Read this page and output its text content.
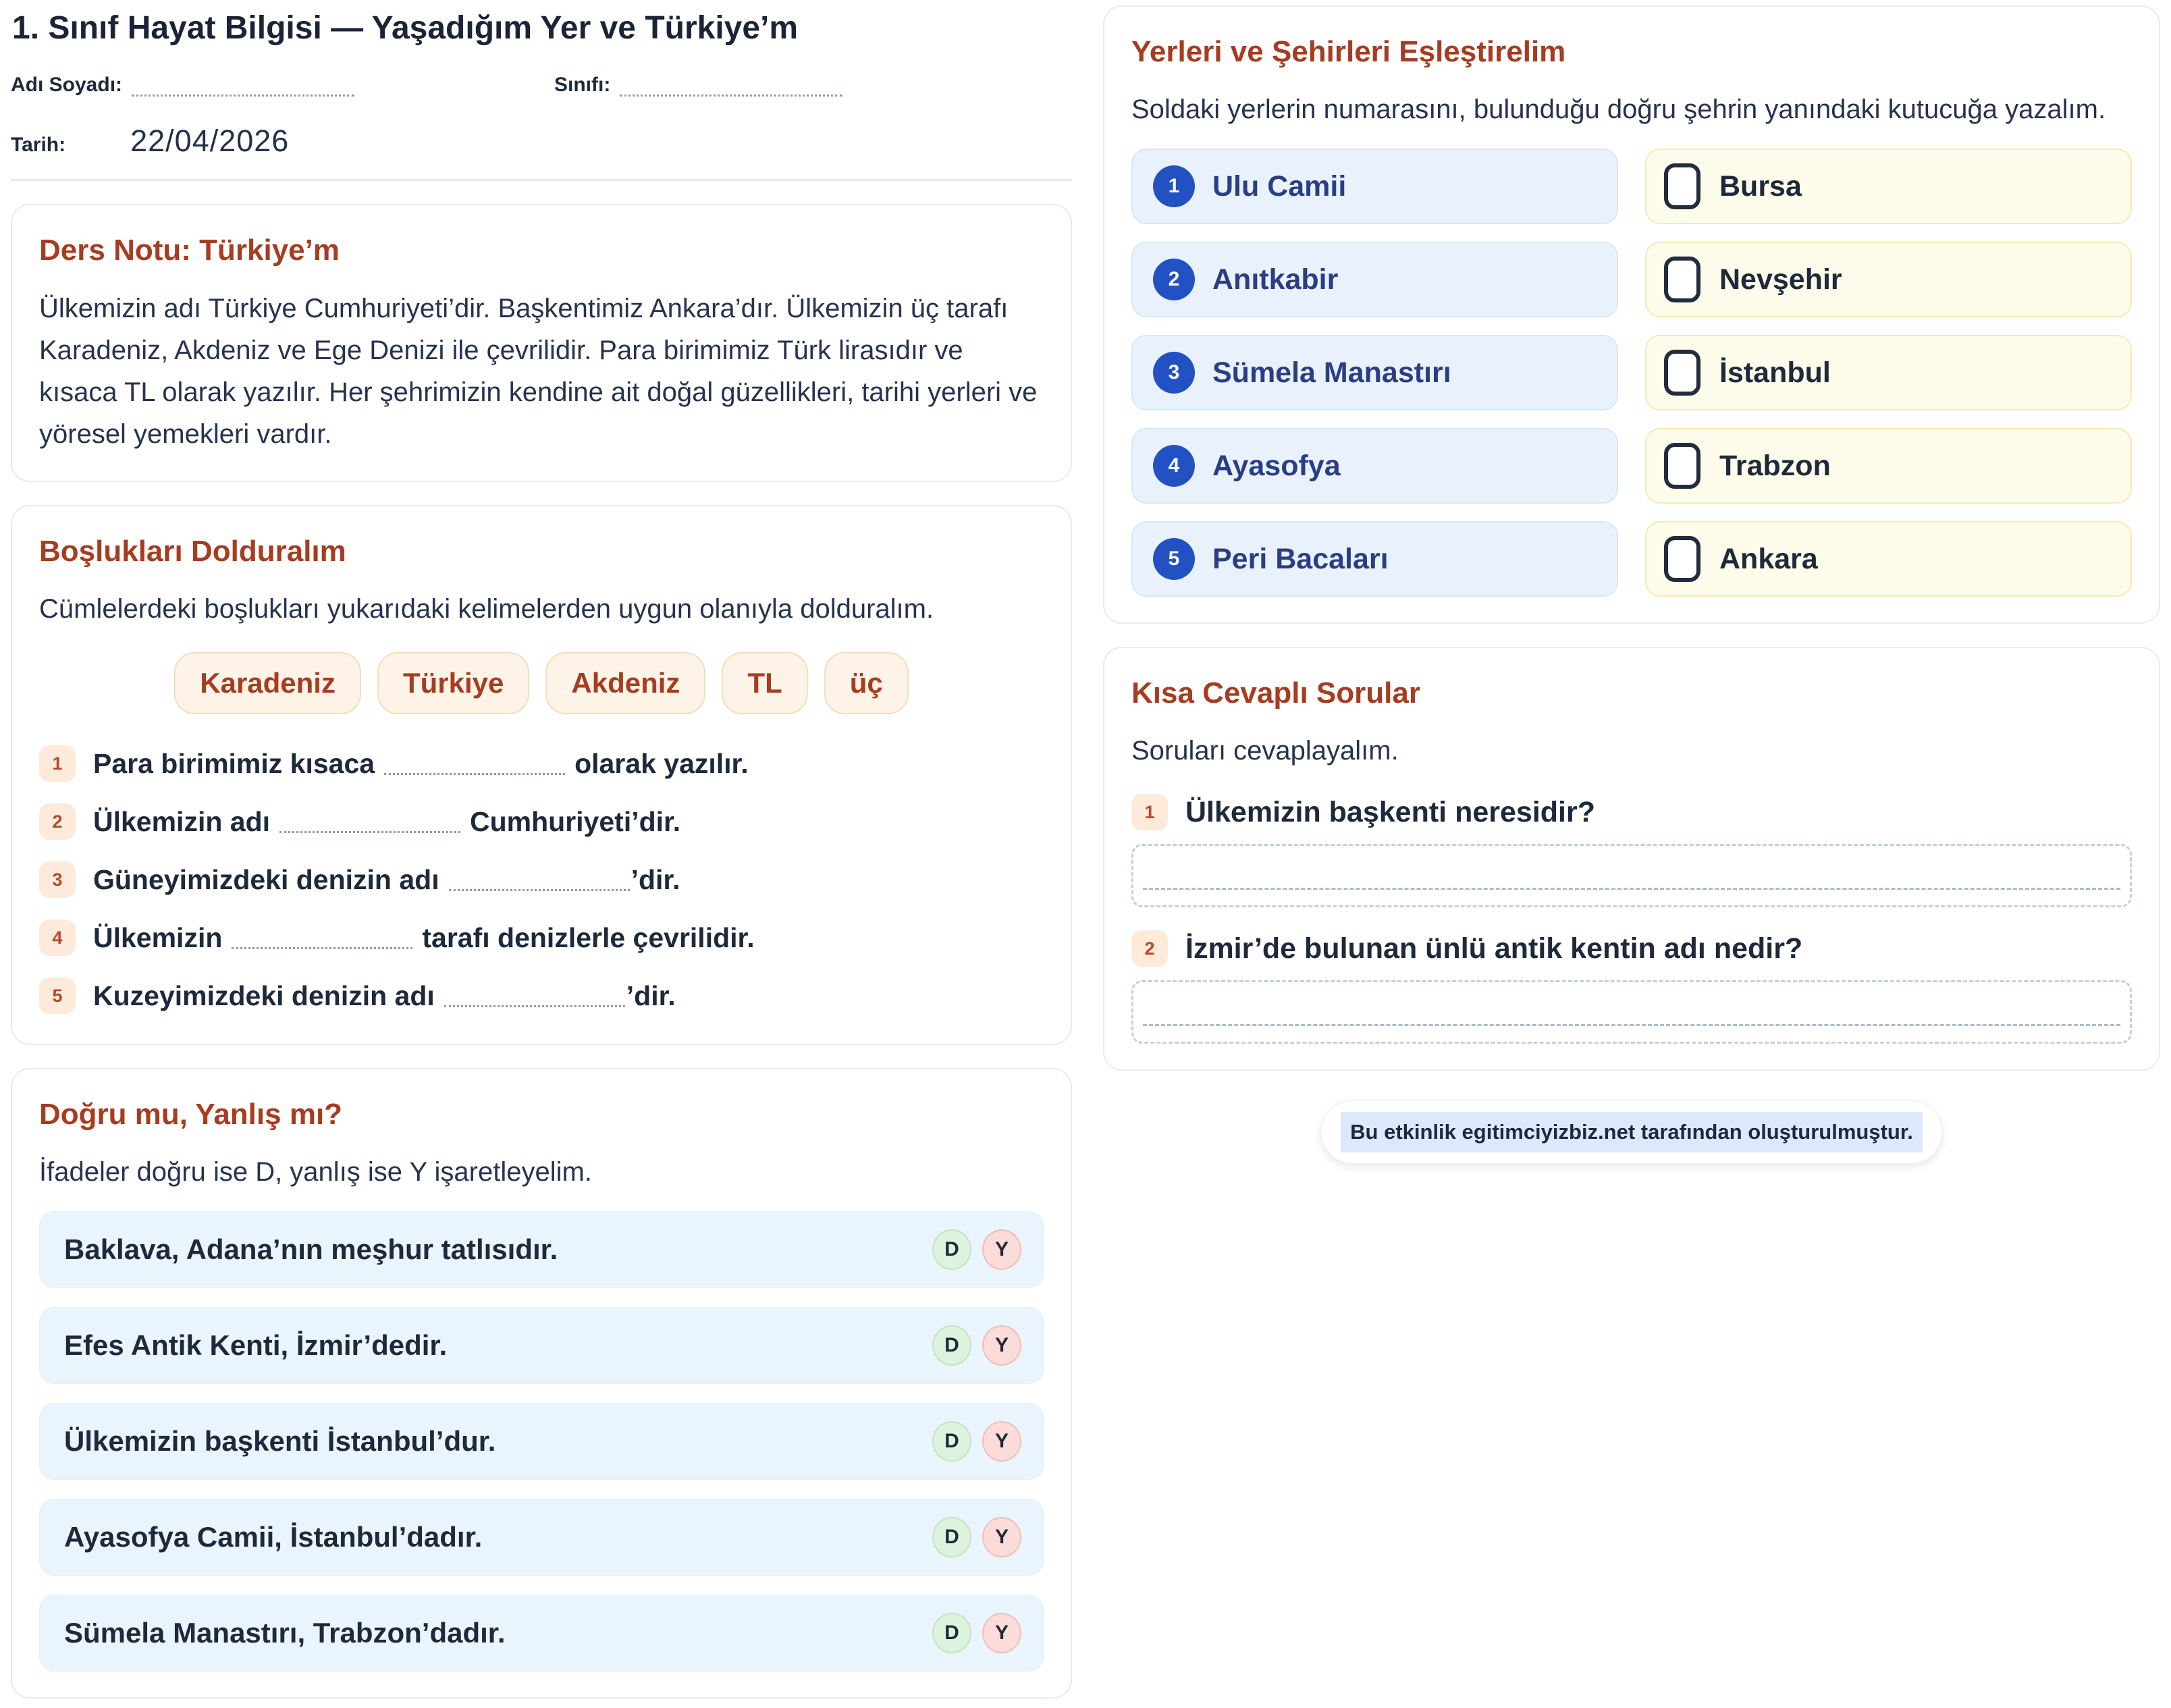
1. Sınıf Hayat Bilgisi — Yaşadığım Yer ve Türkiye’m
Adı Soyadı:	Sınıfı:
Tarih: 22/04/2026
Ders Notu: Türkiye’m

Ülkemizin adı Türkiye Cumhuriyeti’dir. Başkentimiz Ankara’dır. Ülkemizin üç tarafı Karadeniz, Akdeniz ve Ege Denizi ile çevrilidir. Para birimimiz Türk lirasıdır ve kısaca TL olarak yazılır. Her şehrimizin kendine ait doğal güzellikleri, tarihi yerleri ve yöresel yemekleri vardır.

Boşlukları Dolduralım

Cümlelerdeki boşlukları yukarıdaki kelimelerden uygun olanıyla dolduralım.

Karadeniz	Türkiye	Akdeniz	TL	üç
1	Para birimimiz kısaca	olarak yazılır.
2	Ülkemizin adı	Cumhuriyeti’dir.
3	Güneyimizdeki denizin adı	’dir.
4	Ülkemizin	tarafı denizlerle çevrilidir.
5	Kuzeyimizdeki denizin adı	’dir.
Doğru mu, Yanlış mı?

İfadeler doğru ise D, yanlış ise Y işaretleyelim.

Baklava, Adana’nın meşhur tatlısıdır.	D	Y
Efes Antik Kenti, İzmir’dedir.	D	Y
Ülkemizin başkenti İstanbul’dur.	D	Y
Ayasofya Camii, İstanbul’dadır.	D	Y
Sümela Manastırı, Trabzon’dadır.	D	Y
Yerleri ve Şehirleri Eşleştirelim

Soldaki yerlerin numarasını, bulunduğu doğru şehrin yanındaki kutucuğa yazalım.

1	Ulu Camii	Bursa
2	Anıtkabir	Nevşehir
3	Sümela Manastırı	İstanbul
4	Ayasofya	Trabzon
5	Peri Bacaları	Ankara
Kısa Cevaplı Sorular

Soruları cevaplayalım.

1	Ülkemizin başkenti neresidir?
2	İzmir’de bulunan ünlü antik kentin adı nedir?
Bu etkinlik egitimciyizbiz.net tarafından oluşturulmuştur.
